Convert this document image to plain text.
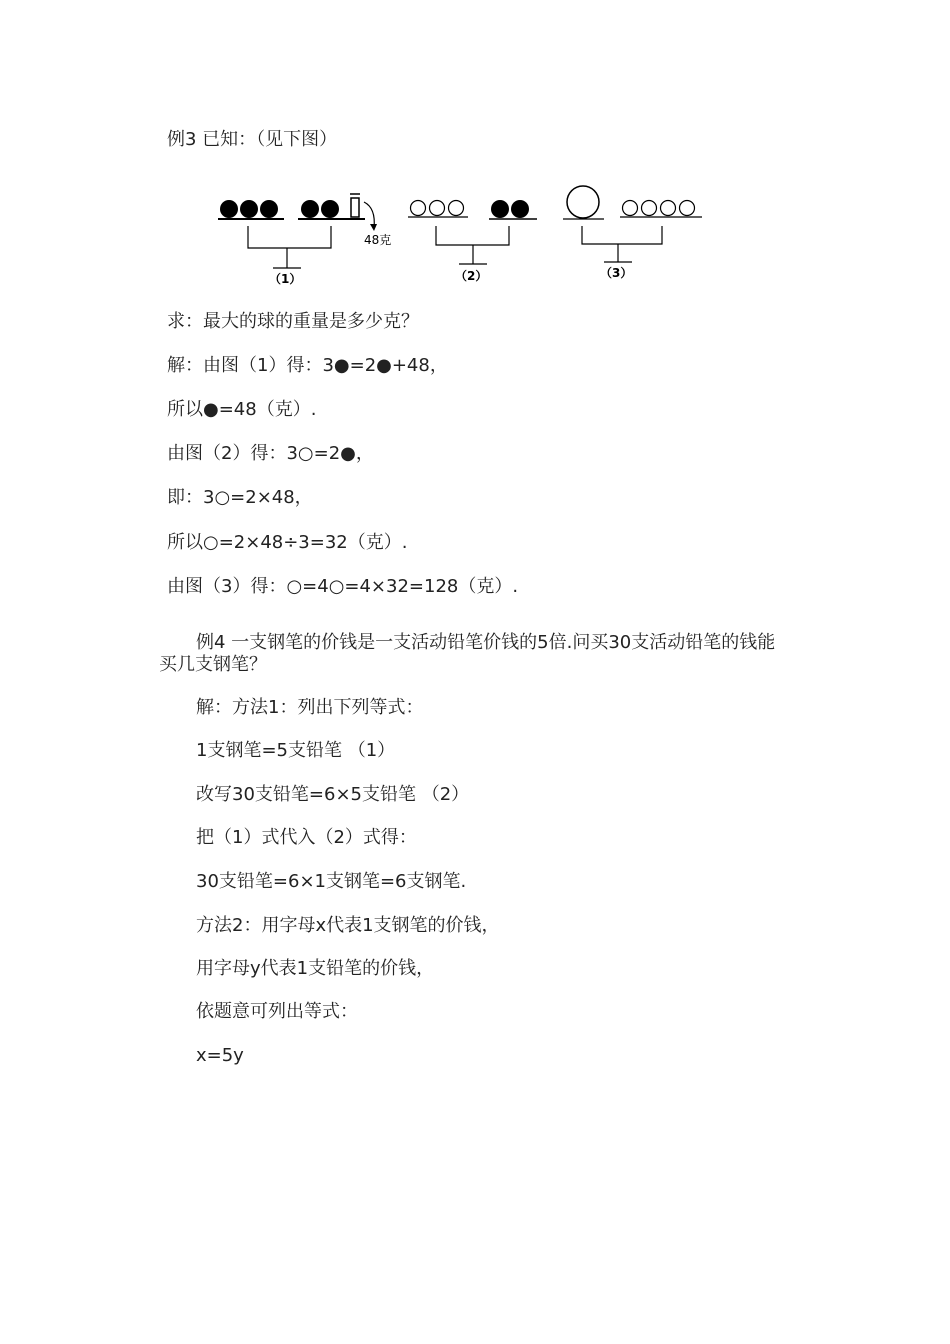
例3 已知：（见下图）
48克
（1）	（2）	（3）
求：最大的球的重量是多少克？
解：由图（1）得：3●=2●+48，
所以●=48（克）.
由图（2）得：3○=2●，
即：3○=2×48，
所以○=2×48÷3=32（克）.
由图（3）得：○=4○=4×32=128（克）.
例4 一支钢笔的价钱是一支活动铅笔价钱的5倍.问买30支活动铅笔的钱能
买几支钢笔？
解：方法1：列出下列等式：
1支钢笔=5支铅笔 （1）
改写30支铅笔=6×5支铅笔 （2）
把（1）式代入（2）式得：
30支铅笔=6×1支钢笔=6支钢笔.
方法2：用字母x代表1支钢笔的价钱，
用字母y代表1支铅笔的价钱，
依题意可列出等式：
x=5y
